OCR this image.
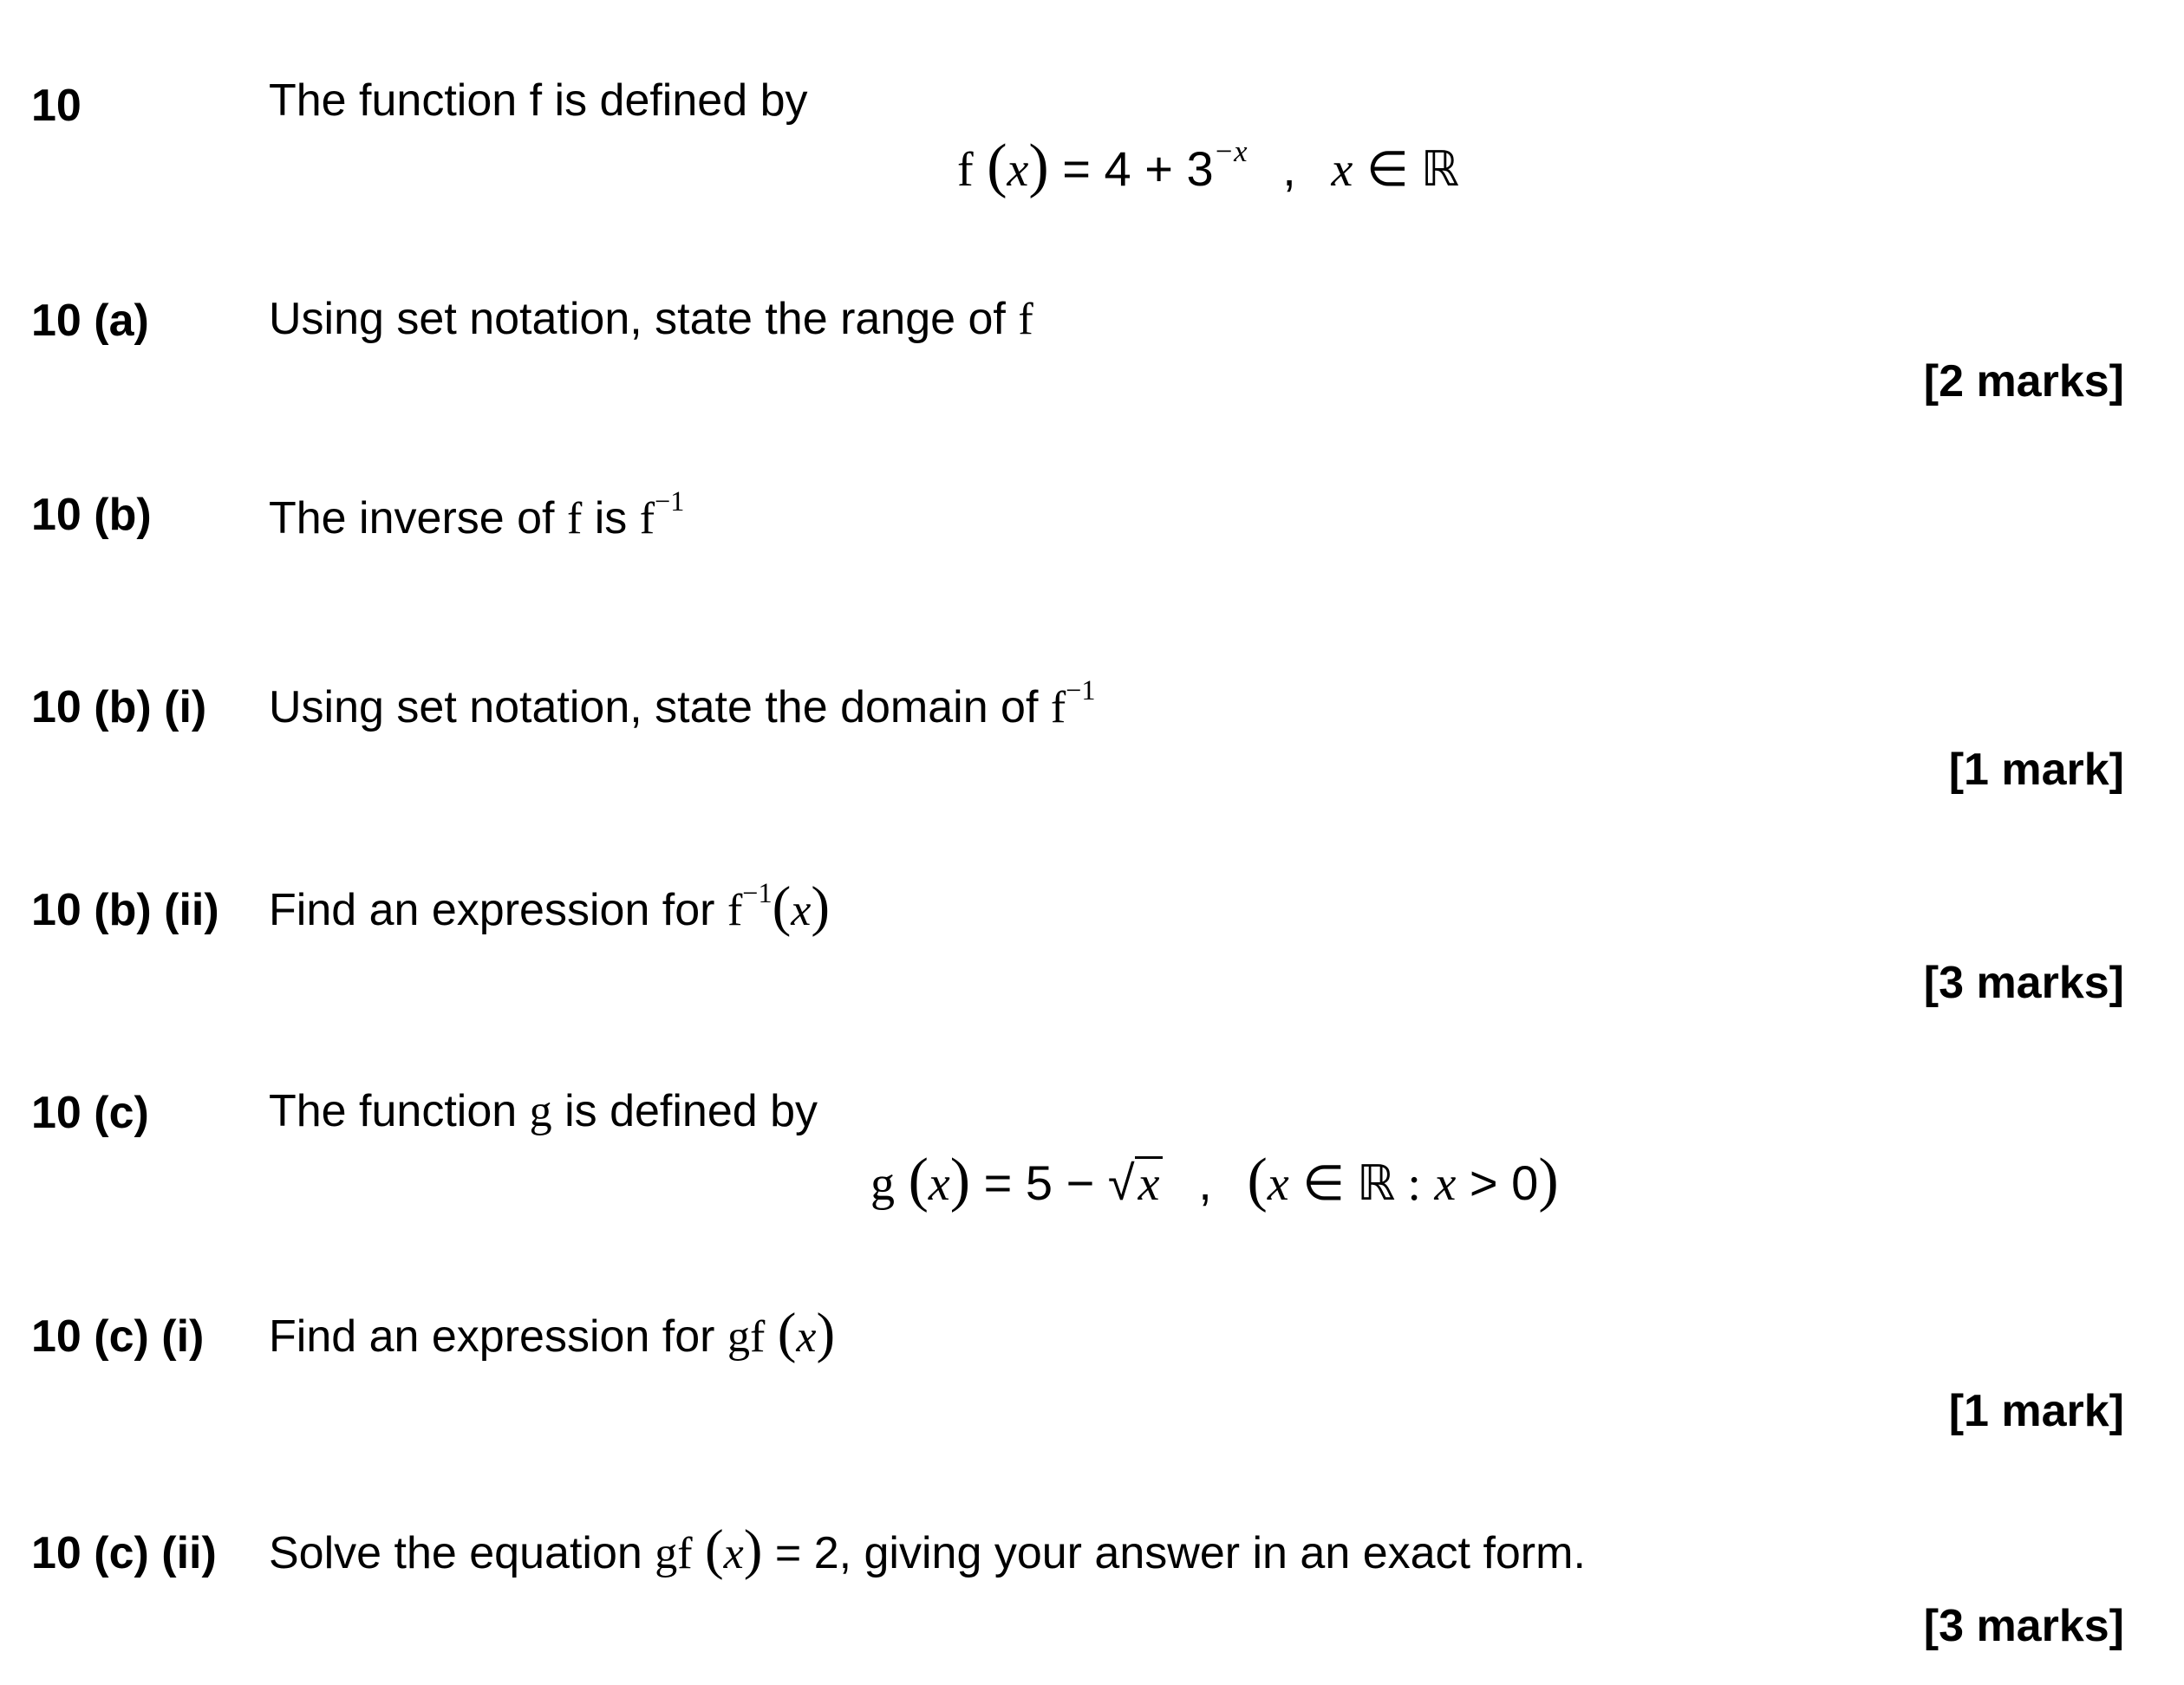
10	The function f is defined by
f $(x) = 4 + 3^{-x}$ , x ∈ ℝ
10 (a)	Using set notation, state the range of f
[2 marks]
10 (b)	The inverse of f is $f^{-1}$
10 (b) (i) Using set notation, state the domain of $f^{-1}$
[1 mark]
10 (b) (ii) Find an expression for $f^{-1}(x)$
[3 marks]
10 (c)	The function g is defined by
g (x) = 5 − √x , (x ∈ ℝ : x > 0)
10 (c) (i) Find an expression for gf (x)
[1 mark]
10 (c) (ii) Solve the equation gf (x) = 2, giving your answer in an exact form.
[3 marks]
